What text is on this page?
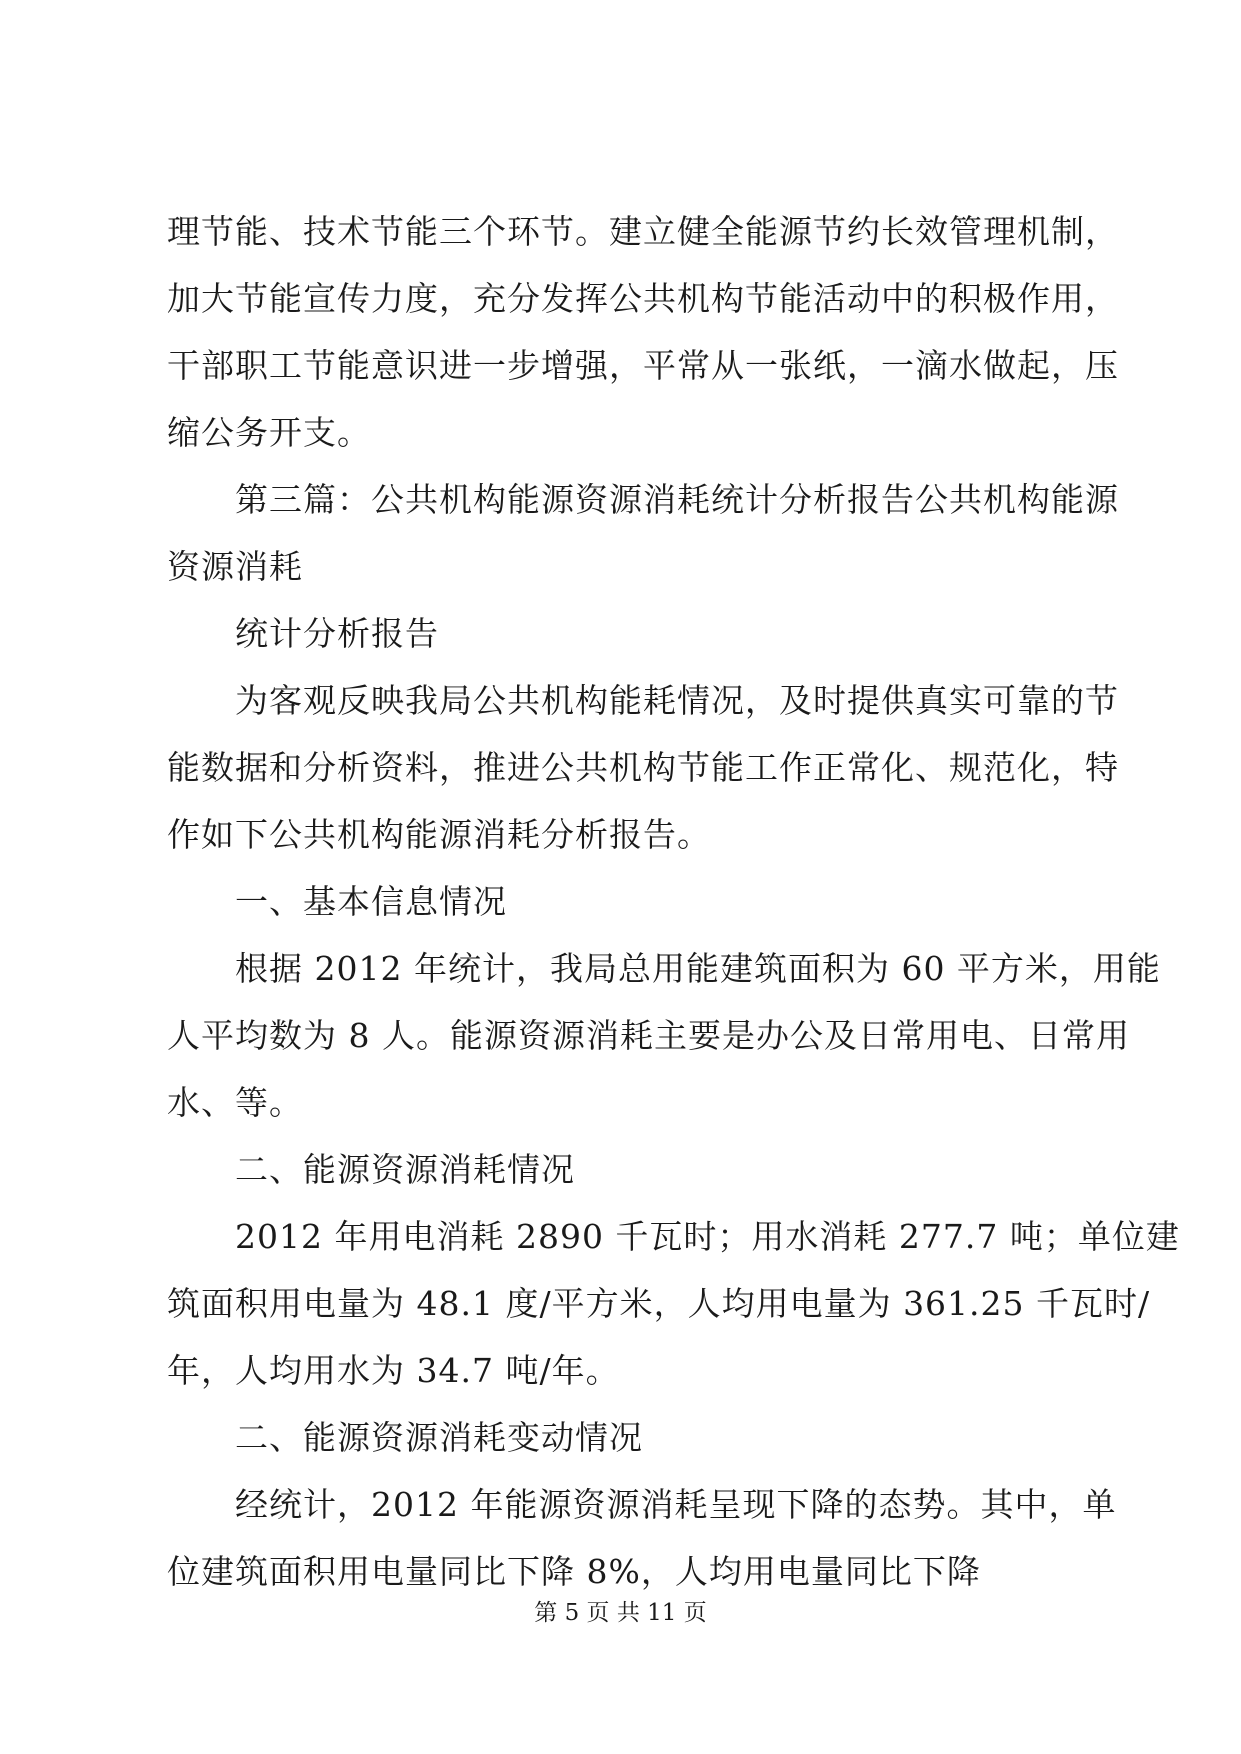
理节能、技术节能三个环节。建立健全能源节约长效管理机制，
加大节能宣传力度，充分发挥公共机构节能活动中的积极作用，
干部职工节能意识进一步增强，平常从一张纸，一滴水做起，压
缩公务开支。
第三篇：公共机构能源资源消耗统计分析报告公共机构能源
资源消耗
统计分析报告
为客观反映我局公共机构能耗情况，及时提供真实可靠的节
能数据和分析资料，推进公共机构节能工作正常化、规范化，特
作如下公共机构能源消耗分析报告。
一、基本信息情况
根据 2012 年统计，我局总用能建筑面积为 60 平方米，用能
人平均数为 8 人。能源资源消耗主要是办公及日常用电、日常用
水、等。
二、能源资源消耗情况
2012 年用电消耗 2890 千瓦时；用水消耗 277.7 吨；单位建
筑面积用电量为 48.1 度/平方米，人均用电量为 361.25 千瓦时/
年，人均用水为 34.7 吨/年。
二、能源资源消耗变动情况
经统计，2012 年能源资源消耗呈现下降的态势。其中，单
位建筑面积用电量同比下降 8%，人均用电量同比下降
第 5 页 共 11 页
